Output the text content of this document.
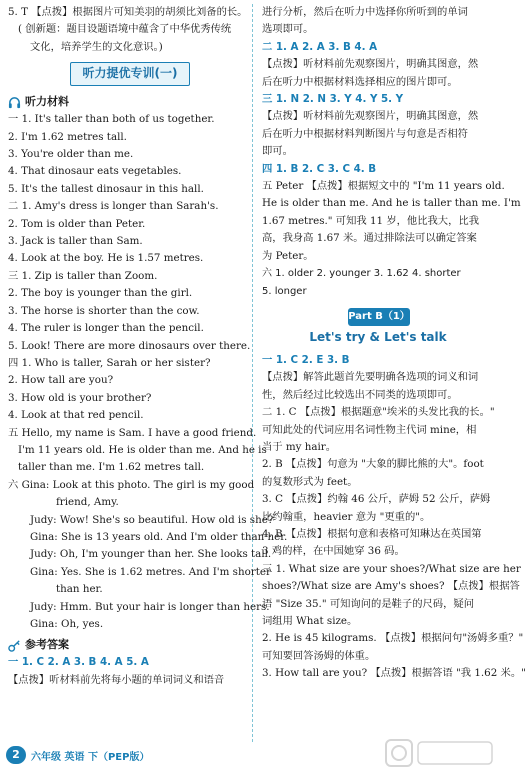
5. T 【点拨】根据图片可知美羽的胡须比刘备的长。
( 创新题：题目设题语境中蕴含了中华优秀传统
文化，培养学生的文化意识。)
听力提优专训(一)
听力材料
一 1. It's taller than both of us together.
2. I'm 1.62 metres tall.
3. You're older than me.
4. That dinosaur eats vegetables.
5. It's the tallest dinosaur in this hall.
二 1. Amy's dress is longer than Sarah's.
2. Tom is older than Peter.
3. Jack is taller than Sam.
4. Look at the boy. He is 1.57 metres.
三 1. Zip is taller than Zoom.
2. The boy is younger than the girl.
3. The horse is shorter than the cow.
4. The ruler is longer than the pencil.
5. Look! There are more dinosaurs over there.
四 1. Who is taller, Sarah or her sister?
2. How tall are you?
3. How old is your brother?
4. Look at that red pencil.
五 Hello, my name is Sam. I have a good friend.
I'm 11 years old. He is older than me. And he is
taller than me. I'm 1.62 metres tall.
六 Gina: Look at this photo. The girl is my good
friend, Amy.
Judy: Wow! She's so beautiful. How old is she?
Gina: She is 13 years old. And I'm older than her.
Judy: Oh, I'm younger than her. She looks tall.
Gina: Yes. She is 1.62 metres. And I'm shorter
than her.
Judy: Hmm. But your hair is longer than hers.
Gina: Oh, yes.
参考答案
一 1. C 2. A 3. B 4. A 5. A
【点拨】听材料前先将每小题的单词词义和语音
进行分析，然后在听力中选择你所听到的单词
选项即可。
二 1. A 2. A 3. B 4. A
【点拨】听材料前先观察图片，明确其图意，然
后在听力中根据材料选择相应的图片即可。
三 1. N 2. N 3. Y 4. Y 5. Y
【点拨】听材料前先观察图片，明确其图意，然
后在听力中根据材料判断图片与句意是否相符
即可。
四 1. B 2. C 3. C 4. B
五 Peter 【点拨】根据短文中的 "I'm 11 years old.
He is older than me. And he is taller than me. I'm
1.67 metres." 可知我 11 岁，他比我大，比我
高，我身高 1.67 米。通过排除法可以确定答案
为 Peter。
六 1. older 2. younger 3. 1.62 4. shorter
5. longer
Part B（1）
Let's try & Let's talk
一 1. C 2. E 3. B
【点拨】解答此题首先要明确各选项的词义和词
性，然后经过比较选出不同类的选项即可。
二 1. C 【点拨】根据题意"埃米的头发比我的长。"
可知此处的代词应用名词性物主代词 mine，相
当于 my hair。
2. B 【点拨】句意为 "大象的脚比熊的大"。foot
的复数形式为 feet。
3. C 【点拨】约翰 46 公斤，萨姆 52 公斤，萨姆
比约翰重，heavier 意为 "更重的"。
4. B 【点拨】根据句意和表格可知琳达在英国第
3 鸡的样，在中国她穿 36 码。
三 1. What size are your shoes?/What size are her
shoes?/What size are Amy's shoes? 【点拨】根据答
语 "Size 35." 可知询问的是鞋子的尺码，疑问
词组用 What size。
2. He is 45 kilograms. 【点拨】根据问句"汤姆多重？"
可知要回答汤姆的体重。
3. How tall are you? 【点拨】根据答语 "我 1.62 米。"
2	六年级 英语 下（PEP版）
